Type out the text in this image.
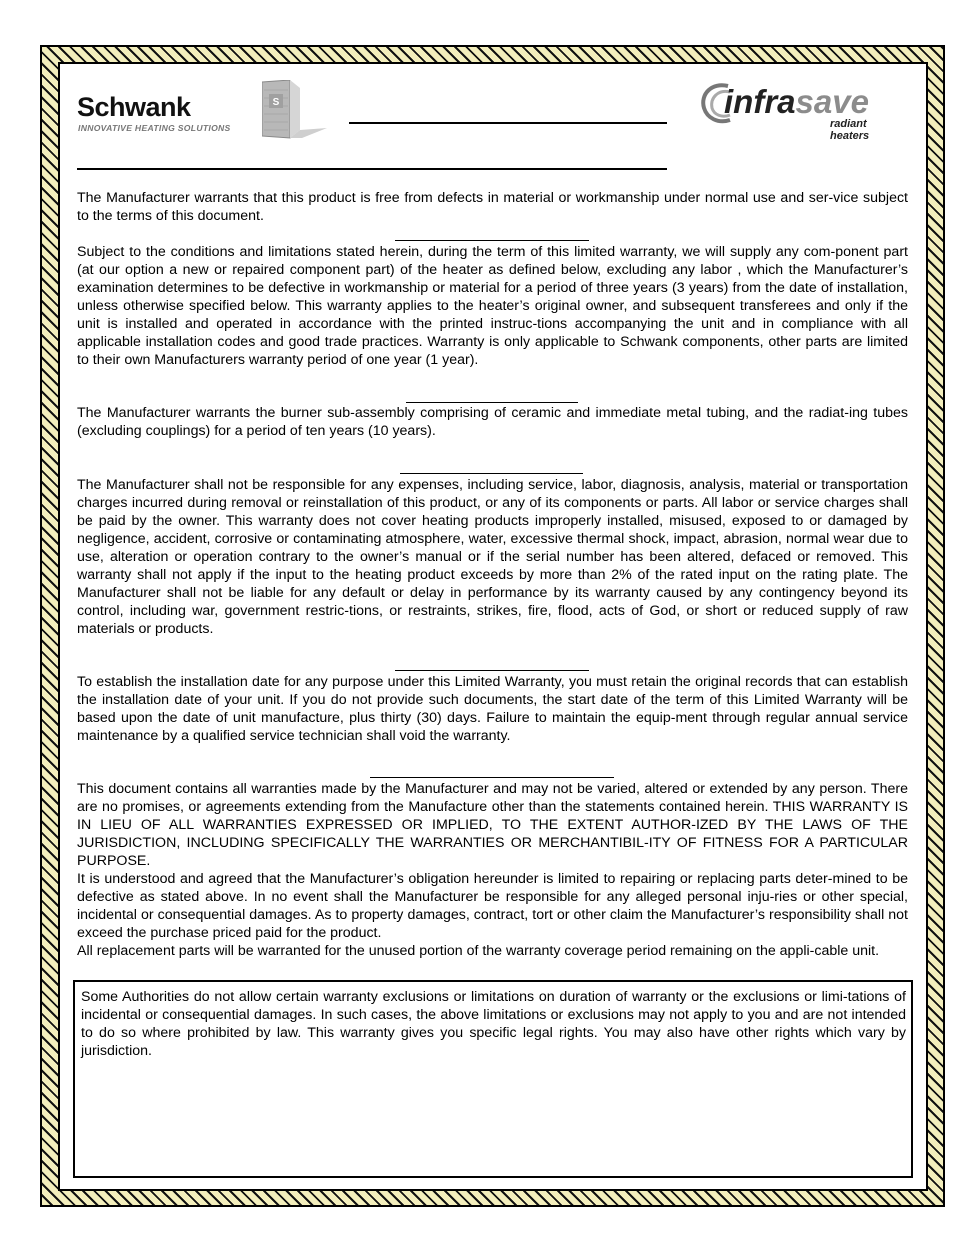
Schwank
INNOVATIVE HEATING SOLUTIONS
S	infrasave
radiant heaters

The Manufacturer warrants that this product is free from defects in material or workmanship under normal use and ser-vice subject to the terms of this document.

Subject to the conditions and limitations stated herein, during the term of this limited warranty, we will supply any com-ponent part (at our option a new or repaired component part) of the heater as defined below, excluding any labor , which the Manufacturer’s examination determines to be defective in workmanship or material for a period of three years (3 years) from the date of installation, unless otherwise specified below. This warranty applies to the heater’s original owner, and subsequent transferees and only if the unit is installed and operated in accordance with the printed instruc-tions accompanying the unit and in compliance with all applicable installation codes and good trade practices. Warranty is only applicable to Schwank components, other parts are limited to their own Manufacturers warranty period of one year (1 year).

The Manufacturer warrants the burner sub-assembly comprising of ceramic and immediate metal tubing, and the radiat-ing tubes (excluding couplings) for a period of ten years (10 years).

The Manufacturer shall not be responsible for any expenses, including service, labor, diagnosis, analysis, material or transportation charges incurred during removal or reinstallation of this product, or any of its components or parts. All labor or service charges shall be paid by the owner. This warranty does not cover heating products improperly installed, misused, exposed to or damaged by negligence, accident, corrosive or contaminating atmosphere, water, excessive thermal shock, impact, abrasion, normal wear due to use, alteration or operation contrary to the owner’s manual or if the serial number has been altered, defaced or removed. This warranty shall not apply if the input to the heating product exceeds by more than 2% of the rated input on the rating plate. The Manufacturer shall not be liable for any default or delay in performance by its warranty caused by any contingency beyond its control, including war, government restric-tions, or restraints, strikes, fire, flood, acts of God, or short or reduced supply of raw materials or products.

To establish the installation date for any purpose under this Limited Warranty, you must retain the original records that can establish the installation date of your unit. If you do not provide such documents, the start date of the term of this Limited Warranty will be based upon the date of unit manufacture, plus thirty (30) days. Failure to maintain the equip-ment through regular annual service maintenance by a qualified service technician shall void the warranty.

This document contains all warranties made by the Manufacturer and may not be varied, altered or extended by any person. There are no promises, or agreements extending from the Manufacture other than the statements contained herein. THIS WARRANTY IS IN LIEU OF ALL WARRANTIES EXPRESSED OR IMPLIED, TO THE EXTENT AUTHOR-IZED BY THE LAWS OF THE JURISDICTION, INCLUDING SPECIFICALLY THE WARRANTIES OR MERCHANTIBIL-ITY OF FITNESS FOR A PARTICULAR PURPOSE.
It is understood and agreed that the Manufacturer’s obligation hereunder is limited to repairing or replacing parts deter-mined to be defective as stated above. In no event shall the Manufacturer be responsible for any alleged personal inju-ries or other special, incidental or consequential damages. As to property damages, contract, tort or other claim the Manufacturer’s responsibility shall not exceed the purchase priced paid for the product.
All replacement parts will be warranted for the unused portion of the warranty coverage period remaining on the appli-cable unit.

Some Authorities do not allow certain warranty exclusions or limitations on duration of warranty or the exclusions or limi-tations of incidental or consequential damages. In such cases, the above limitations or exclusions may not apply to you and are not intended to do so where prohibited by law. This warranty gives you specific legal rights. You may also have other rights which vary by jurisdiction.
